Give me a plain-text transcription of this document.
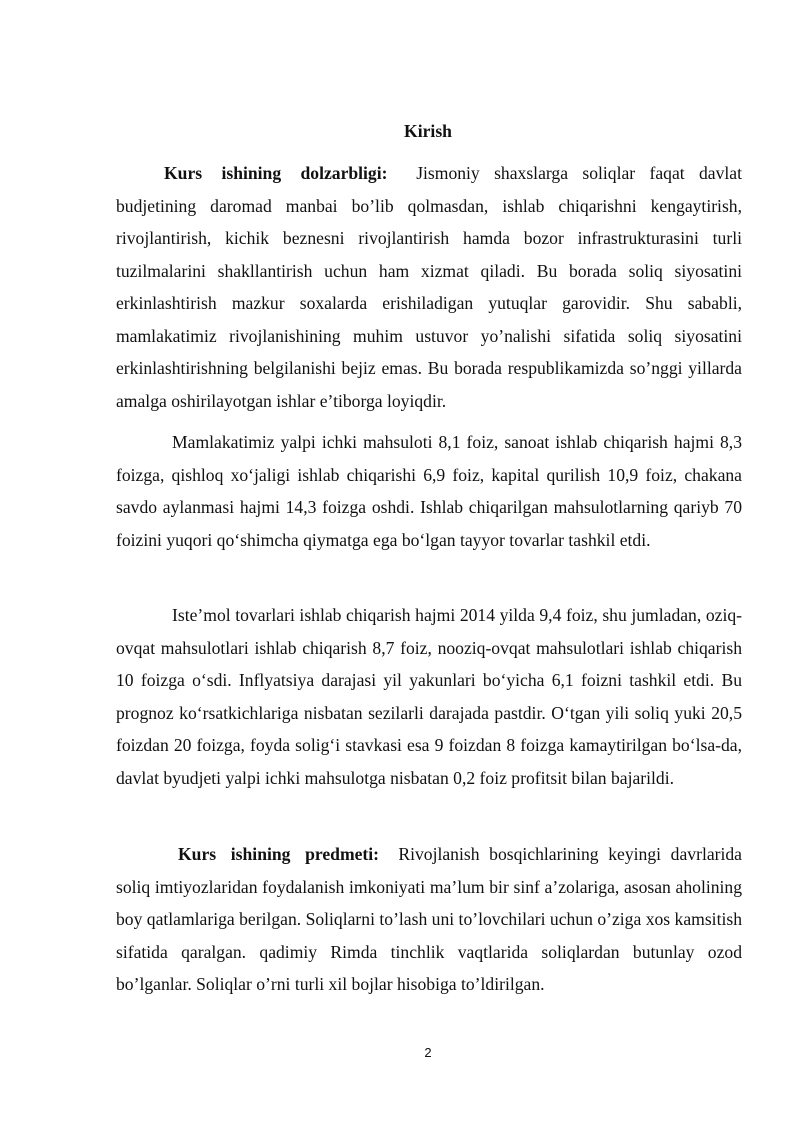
Kirish

Kurs ishining dolzarbligi: Jismoniy shaxslarga soliqlar faqat davlat budjetining daromad manbai bo’lib qolmasdan, ishlab chiqarishni kengaytirish, rivojlantirish, kichik beznesni rivojlantirish hamda bozor infrastrukturasini turli tuzilmalarini shakllantirish uchun ham xizmat qiladi. Bu borada soliq siyosatini erkinlashtirish mazkur soxalarda erishiladigan yutuqlar garovidir. Shu sababli, mamlakatimiz rivojlanishining muhim ustuvor yo’nalishi sifatida soliq siyosatini erkinlashtirishning belgilanishi bejiz emas. Bu borada respublikamizda so’nggi yillarda amalga oshirilayotgan ishlar e’tiborga loyiqdir.

Mamlakatimiz yalpi ichki mahsuloti 8,1 foiz, sanoat ishlab chiqarish hajmi 8,3 foizga, qishloq xo‘jaligi ishlab chiqarishi 6,9 foiz, kapital qurilish 10,9 foiz, chakana savdo aylanmasi hajmi 14,3 foizga oshdi. Ishlab chiqarilgan mahsulotlarning qariyb 70 foizini yuqori qo‘shimcha qiymatga ega bo‘lgan tayyor tovarlar tashkil etdi.

Iste’mol tovarlari ishlab chiqarish hajmi 2014 yilda 9,4 foiz, shu jumladan, oziq-ovqat mahsulotlari ishlab chiqarish 8,7 foiz, nooziq-ovqat mahsulotlari ishlab chiqarish 10 foizga o‘sdi. Inflyatsiya darajasi yil yakunlari bo‘yicha 6,1 foizni tashkil etdi. Bu prognoz ko‘rsatkichlariga nisbatan sezilarli darajada pastdir. O‘tgan yili soliq yuki 20,5 foizdan 20 foizga, foyda solig‘i stavkasi esa 9 foizdan 8 foizga kamaytirilgan bo‘lsa-da, davlat byudjeti yalpi ichki mahsulotga nisbatan 0,2 foiz profitsit bilan bajarildi.

Kurs ishining predmeti: Rivojlanish bosqichlarining keyingi davrlarida soliq imtiyozlaridan foydalanish imkoniyati ma’lum bir sinf a’zolariga, asosan aholining boy qatlamlariga berilgan. Soliqlarni to’lash uni to’lovchilari uchun o’ziga xos kamsitish sifatida qaralgan. qadimiy Rimda tinchlik vaqtlarida soliqlardan butunlay ozod bo’lganlar. Soliqlar o’rni turli xil bojlar hisobiga to’ldirilgan.

2
